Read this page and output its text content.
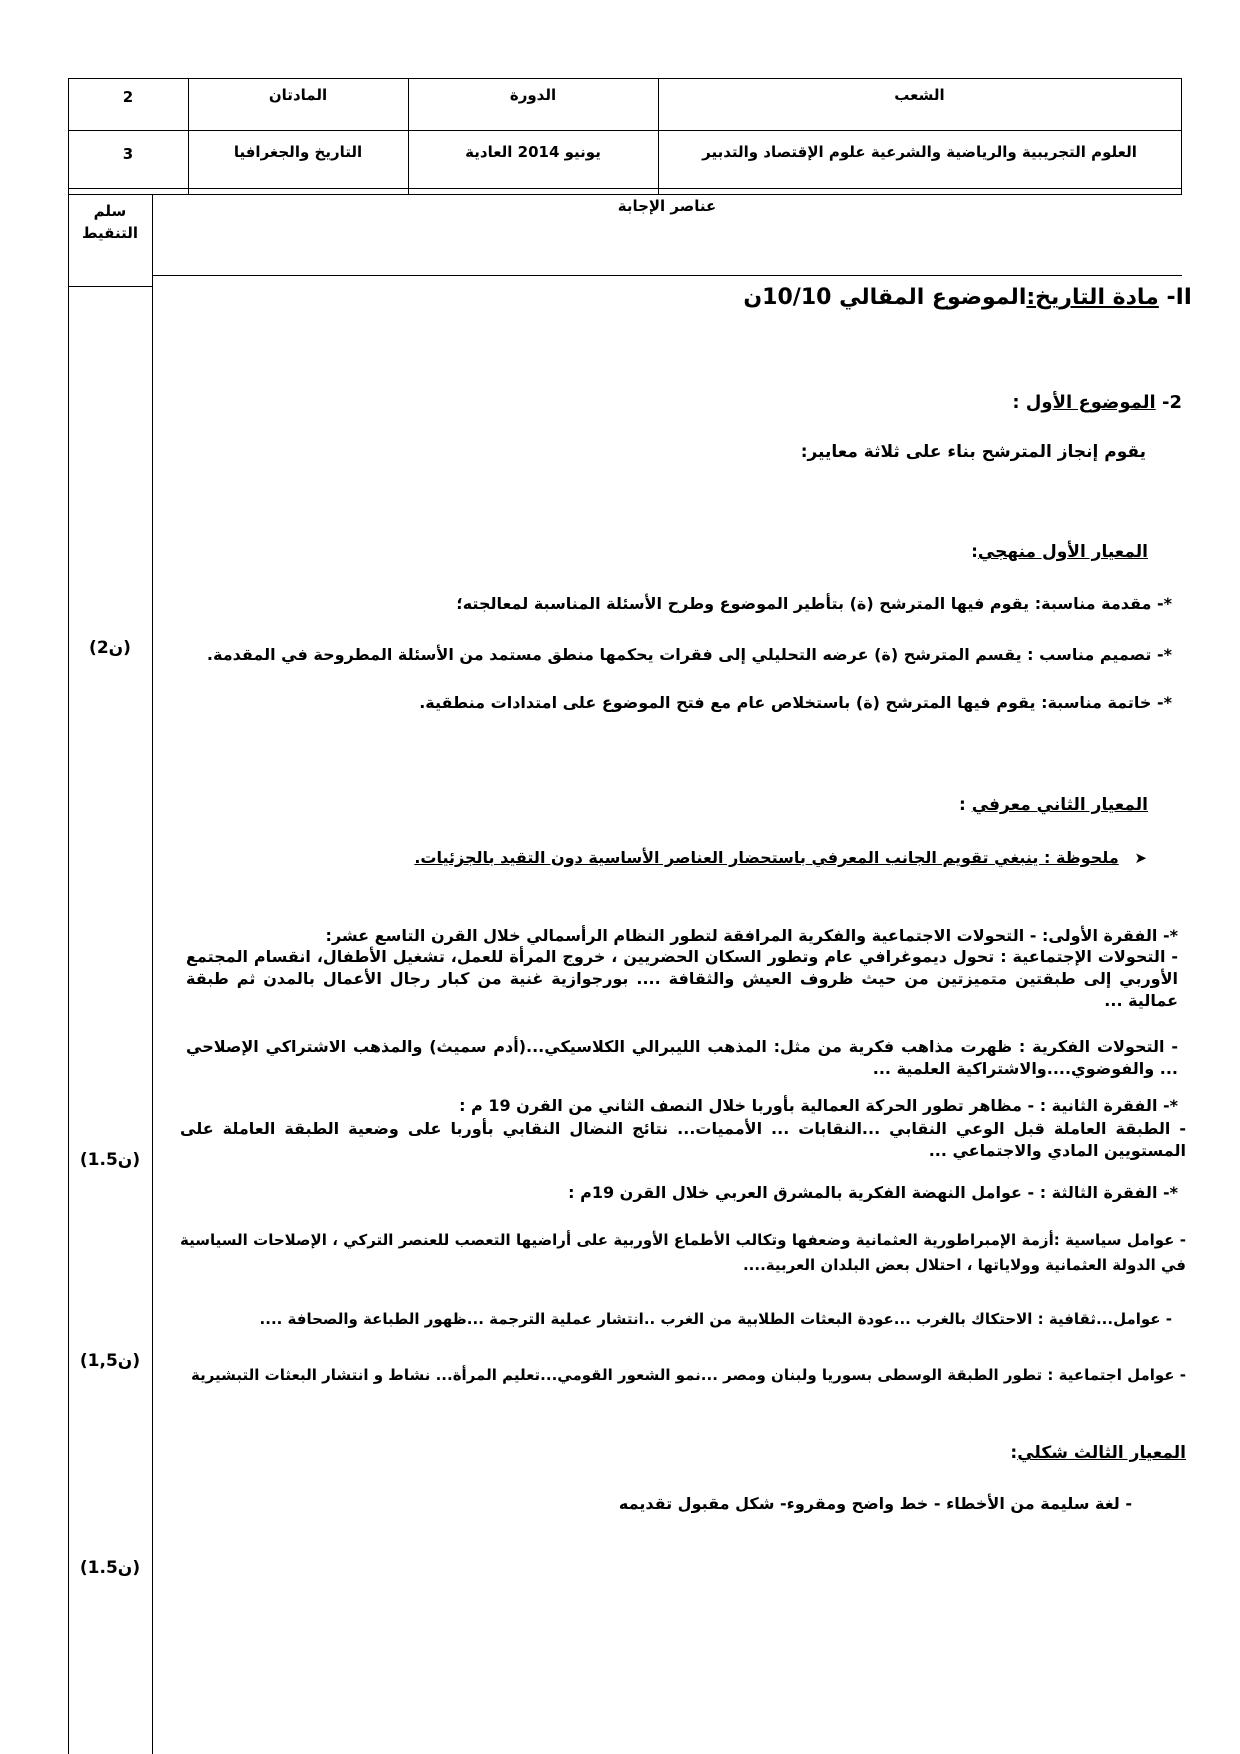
2
3
المادتان
التاريخ والجغرافيا
الدورة
يونيو 2014 العادية
الشعب
العلوم التجريبية والرياضية والشرعية علوم الإقتصاد والتدبير
سلم التنقيط
عناصر الإجابة
(2ن)
(1.5ن)
(1,5ن)
(1.5ن)
II- مادة التاريخ:الموضوع المقالي 10/10ن
2- الموضوع الأول :
يقوم إنجاز المترشح بناء على ثلاثة معايير:
المعيار الأول منهجي:
*- مقدمة مناسبة: يقوم فيها المترشح (ة) بتأطير الموضوع وطرح الأسئلة المناسبة لمعالجته؛
*- تصميم مناسب : يقسم المترشح (ة) عرضه التحليلي إلى فقرات يحكمها منطق مستمد من الأسئلة المطروحة في المقدمة.
*- خاتمة مناسبة: يقوم فيها المترشح (ة) باستخلاص عام مع فتح الموضوع على امتدادات منطقية.
المعيار الثاني معرفي :
➤   ملحوظة : ينبغي تقويم الجانب المعرفي باستحضار العناصر الأساسية دون التقيد بالجزئيات.
*- الفقرة الأولى: - التحولات الاجتماعية والفكرية المرافقة لتطور النظام الرأسمالي خلال القرن التاسع عشر:
- التحولات الإجتماعية : تحول ديموغرافي عام وتطور السكان الحضريين ، خروج المرأة للعمل، تشغيل الأطفال، انقسام المجتمع الأوربي إلى طبقتين متميزتين من حيث ظروف العيش والثقافة .... بورجوازية غنية من كبار رجال الأعمال بالمدن ثم طبقة عمالية ...
- التحولات الفكرية : ظهرت مذاهب فكرية من مثل: المذهب الليبرالي الكلاسيكي...(أدم سميث) والمذهب الاشتراكي الإصلاحي ... والفوضوي....والاشتراكية العلمية ...
*- الفقرة الثانية : - مظاهر تطور الحركة العمالية بأوربا خلال النصف الثاني من القرن 19 م :
- الطبقة العاملة قبل الوعي النقابي ...النقابات ... الأمميات... نتائج النضال النقابي بأوربا على وضعية الطبقة العاملة على المستويين المادي والاجتماعي ...
*- الفقرة الثالثة : - عوامل النهضة الفكرية بالمشرق العربي خلال القرن 19م :
- عوامل سياسية :أزمة الإمبراطورية العثمانية وضعفها وتكالب الأطماع الأوربية على أراضيها التعصب للعنصر التركي ، الإصلاحات السياسية في الدولة العثمانية وولاياتها ، احتلال بعض البلدان العربية....
- عوامل...ثقافية : الاحتكاك بالغرب ...عودة البعثات الطلابية من الغرب ..انتشار عملية الترجمة ...ظهور الطباعة والصحافة ....
- عوامل اجتماعية : تطور الطبقة الوسطى بسوريا ولبنان ومصر ...نمو الشعور القومي...تعليم المرأة... نشاط و انتشار البعثات التبشيرية
المعيار الثالث شكلي:
- لغة سليمة من الأخطاء - خط واضح ومقروء- شكل مقبول تقديمه
